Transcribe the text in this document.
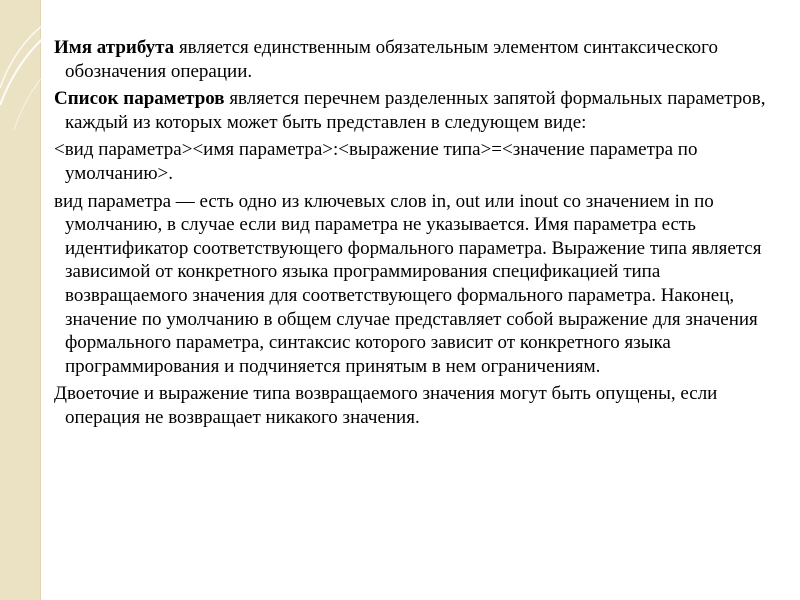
Имя атрибута является единственным обязательным элементом синтаксического обозначения операции.

Список параметров является перечнем разделенных запятой формальных параметров, каждый из которых может быть представлен в следующем виде:

<вид параметра><имя параметра>:<выражение типа>=<значение параметра по умолчанию>.

вид параметра — есть одно из ключевых слов in, out или inout со значением in по умолчанию, в случае если вид параметра не указывается. Имя параметра есть идентификатор соответствующего формального параметра. Выражение типа является зависимой от конкретного языка программирования спецификацией типа возвращаемого значения для соответствующего формального параметра. Наконец, значение по умолчанию в общем случае представляет собой выражение для значения формального параметра, синтаксис которого зависит от конкретного языка программирования и подчиняется принятым в нем ограничениям.

Двоеточие и выражение типа возвращаемого значения могут быть опущены, если операция не возвращает никакого значения.
